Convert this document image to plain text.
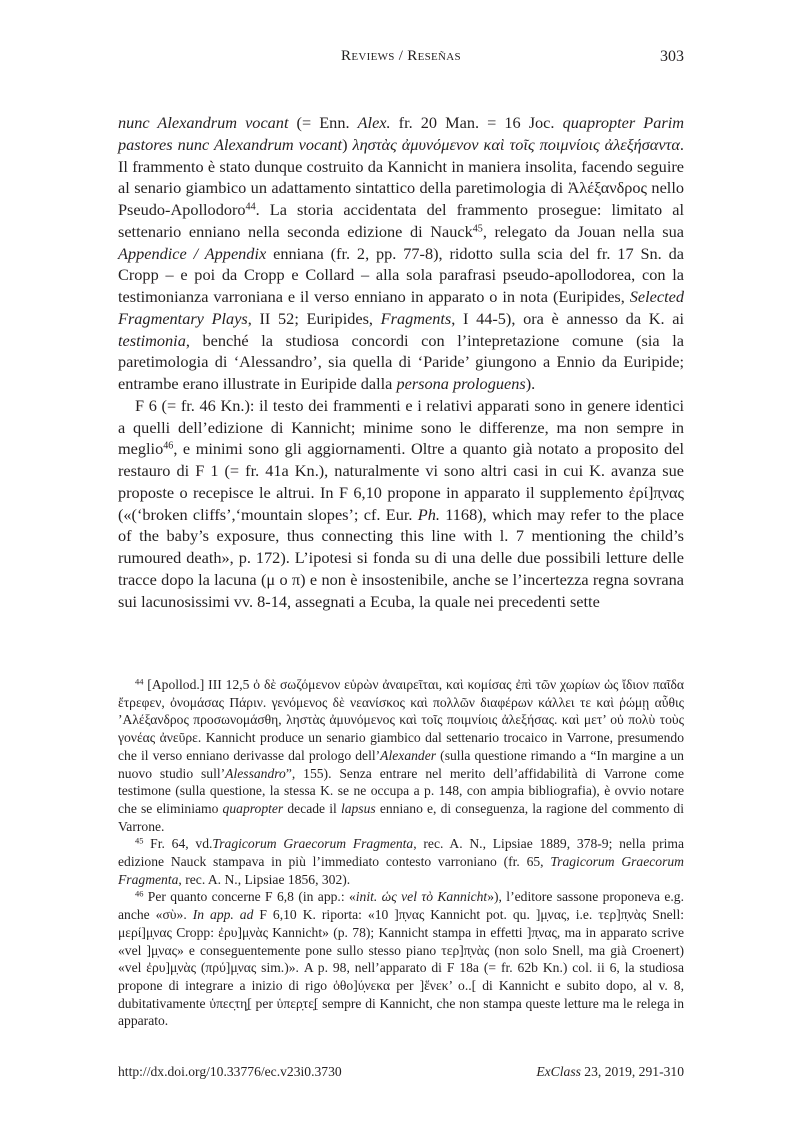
Reviews / Reseñas	303

nunc Alexandrum vocant (= Enn. Alex. fr. 20 Man. = 16 Joc. quapropter Parim pastores nunc Alexandrum vocant) ληστὰς ἀμυνόμενον καὶ τοῖς ποιμνίοις ἀλεξήσαντα. Il frammento è stato dunque costruito da Kannicht in maniera insolita, facendo seguire al senario giambico un adattamento sintattico della paretimologia di Ἀλέξανδρος nello Pseudo-Apollodoro$^{44}$. La storia accidentata del frammento prosegue: limitato al settenario enniano nella seconda edizione di Nauck$^{45}$, relegato da Jouan nella sua Appendice / Appendix enniana (fr. 2, pp. 77-8), ridotto sulla scia del fr. 17 Sn. da Cropp – e poi da Cropp e Collard – alla sola parafrasi pseudo-apollodorea, con la testimonianza varroniana e il verso enniano in apparato o in nota (Euripides, Selected Fragmentary Plays, II 52; Euripides, Fragments, I 44-5), ora è annesso da K. ai testimonia, benché la studiosa concordi con l’intepretazione comune (sia la paretimologia di ‘Alessandro’, sia quella di ‘Paride’ giungono a Ennio da Euripide; entrambe erano illustrate in Euripide dalla persona prologuens).

F 6 (= fr. 46 Kn.): il testo dei frammenti e i relativi apparati sono in genere identici a quelli dell’edizione di Kannicht; minime sono le differenze, ma non sempre in meglio$^{46}$, e minimi sono gli aggiornamenti. Oltre a quanto già notato a proposito del restauro di F 1 (= fr. 41a Kn.), naturalmente vi sono altri casi in cui K. avanza sue proposte o recepisce le altrui. In F 6,10 propone in apparato il supplemento ἐρί]π̣νας («(‘broken cliffs’,‘mountain slopes’; cf. Eur. Ph. 1168), which may refer to the place of the baby’s exposure, thus connecting this line with l. 7 mentioning the child’s rumoured death», p. 172). L’ipotesi si fonda su di una delle due possibili letture delle tracce dopo la lacuna (μ o π) e non è insostenibile, anche se l’incertezza regna sovrana sui lacunosissimi vv. 8-14, assegnati a Ecuba, la quale nei precedenti sette

$^{44}$ [Apollod.] III 12,5 ὁ δὲ σωζόμενον εὑρὼν ἀναιρεῖται, καὶ κομίσας ἐπὶ τῶν χωρίων ὡς ἴδιον παῖδα ἔτρεφεν, ὀνομάσας Πάριν. γενόμενος δὲ νεανίσκος καὶ πολλῶν διαφέρων κάλλει τε καὶ ῥώμῃ αὖθις ’Αλέξανδρος προσωνομάσθη, ληστὰς ἀμυνόμενος καὶ τοῖς ποιμνίοις ἀλεξήσας. καὶ μετ’ οὐ πολὺ τοὺς γονέας ἀνεῦρε. Kannicht produce un senario giambico dal settenario trocaico in Varrone, presumendo che il verso enniano derivasse dal prologo dell’Alexander (sulla questione rimando a “In margine a un nuovo studio sull’Alessandro”, 155). Senza entrare nel merito dell’affidabilità di Varrone come testimone (sulla questione, la stessa K. se ne occupa a p. 148, con ampia bibliografia), è ovvio notare che se eliminiamo quapropter decade il lapsus enniano e, di conseguenza, la ragione del commento di Varrone.

$^{45}$ Fr. 64, vd.Tragicorum Graecorum Fragmenta, rec. A. N., Lipsiae 1889, 378-9; nella prima edizione Nauck stampava in più l’immediato contesto varroniano (fr. 65, Tragicorum Graecorum Fragmenta, rec. A. N., Lipsiae 1856, 302).

$^{46}$ Per quanto concerne F 6,8 (in app.: «init. ὡς vel τὸ Kannicht»), l’editore sassone proponeva e.g. anche «σὺ». In app. ad F 6,10 K. riporta: «10 ]π̣νας Kannicht pot. qu. ]μ̣νας, i.e. τερ]π̣νὰς Snell: μερί]μ̣νας Cropp: ἐρυ]μ̣νὰς Kannicht» (p. 78); Kannicht stampa in effetti ]π̣νας, ma in apparato scrive «vel ]μ̣νας» e conseguentemente pone sullo stesso piano τερ]π̣νὰς (non solo Snell, ma già Croenert) «vel ἐρυ]μ̣νὰς (πρύ]μ̣νας sim.)». A p. 98, nell’apparato di F 18a (= fr. 62b Kn.) col. ii 6, la studiosa propone di integrare a inizio di rigo ὁθο]ύ̣νεκα per ]ἕνεκ’ ο..[ di Kannicht e subito dopo, al v. 8, dubitativamente ὑπεϲ̣τη̣[ per ὑπερ̣τε̣[ sempre di Kannicht, che non stampa queste letture ma le relega in apparato.

http://dx.doi.org/10.33776/ec.v23i0.3730	ExClass 23, 2019, 291-310
